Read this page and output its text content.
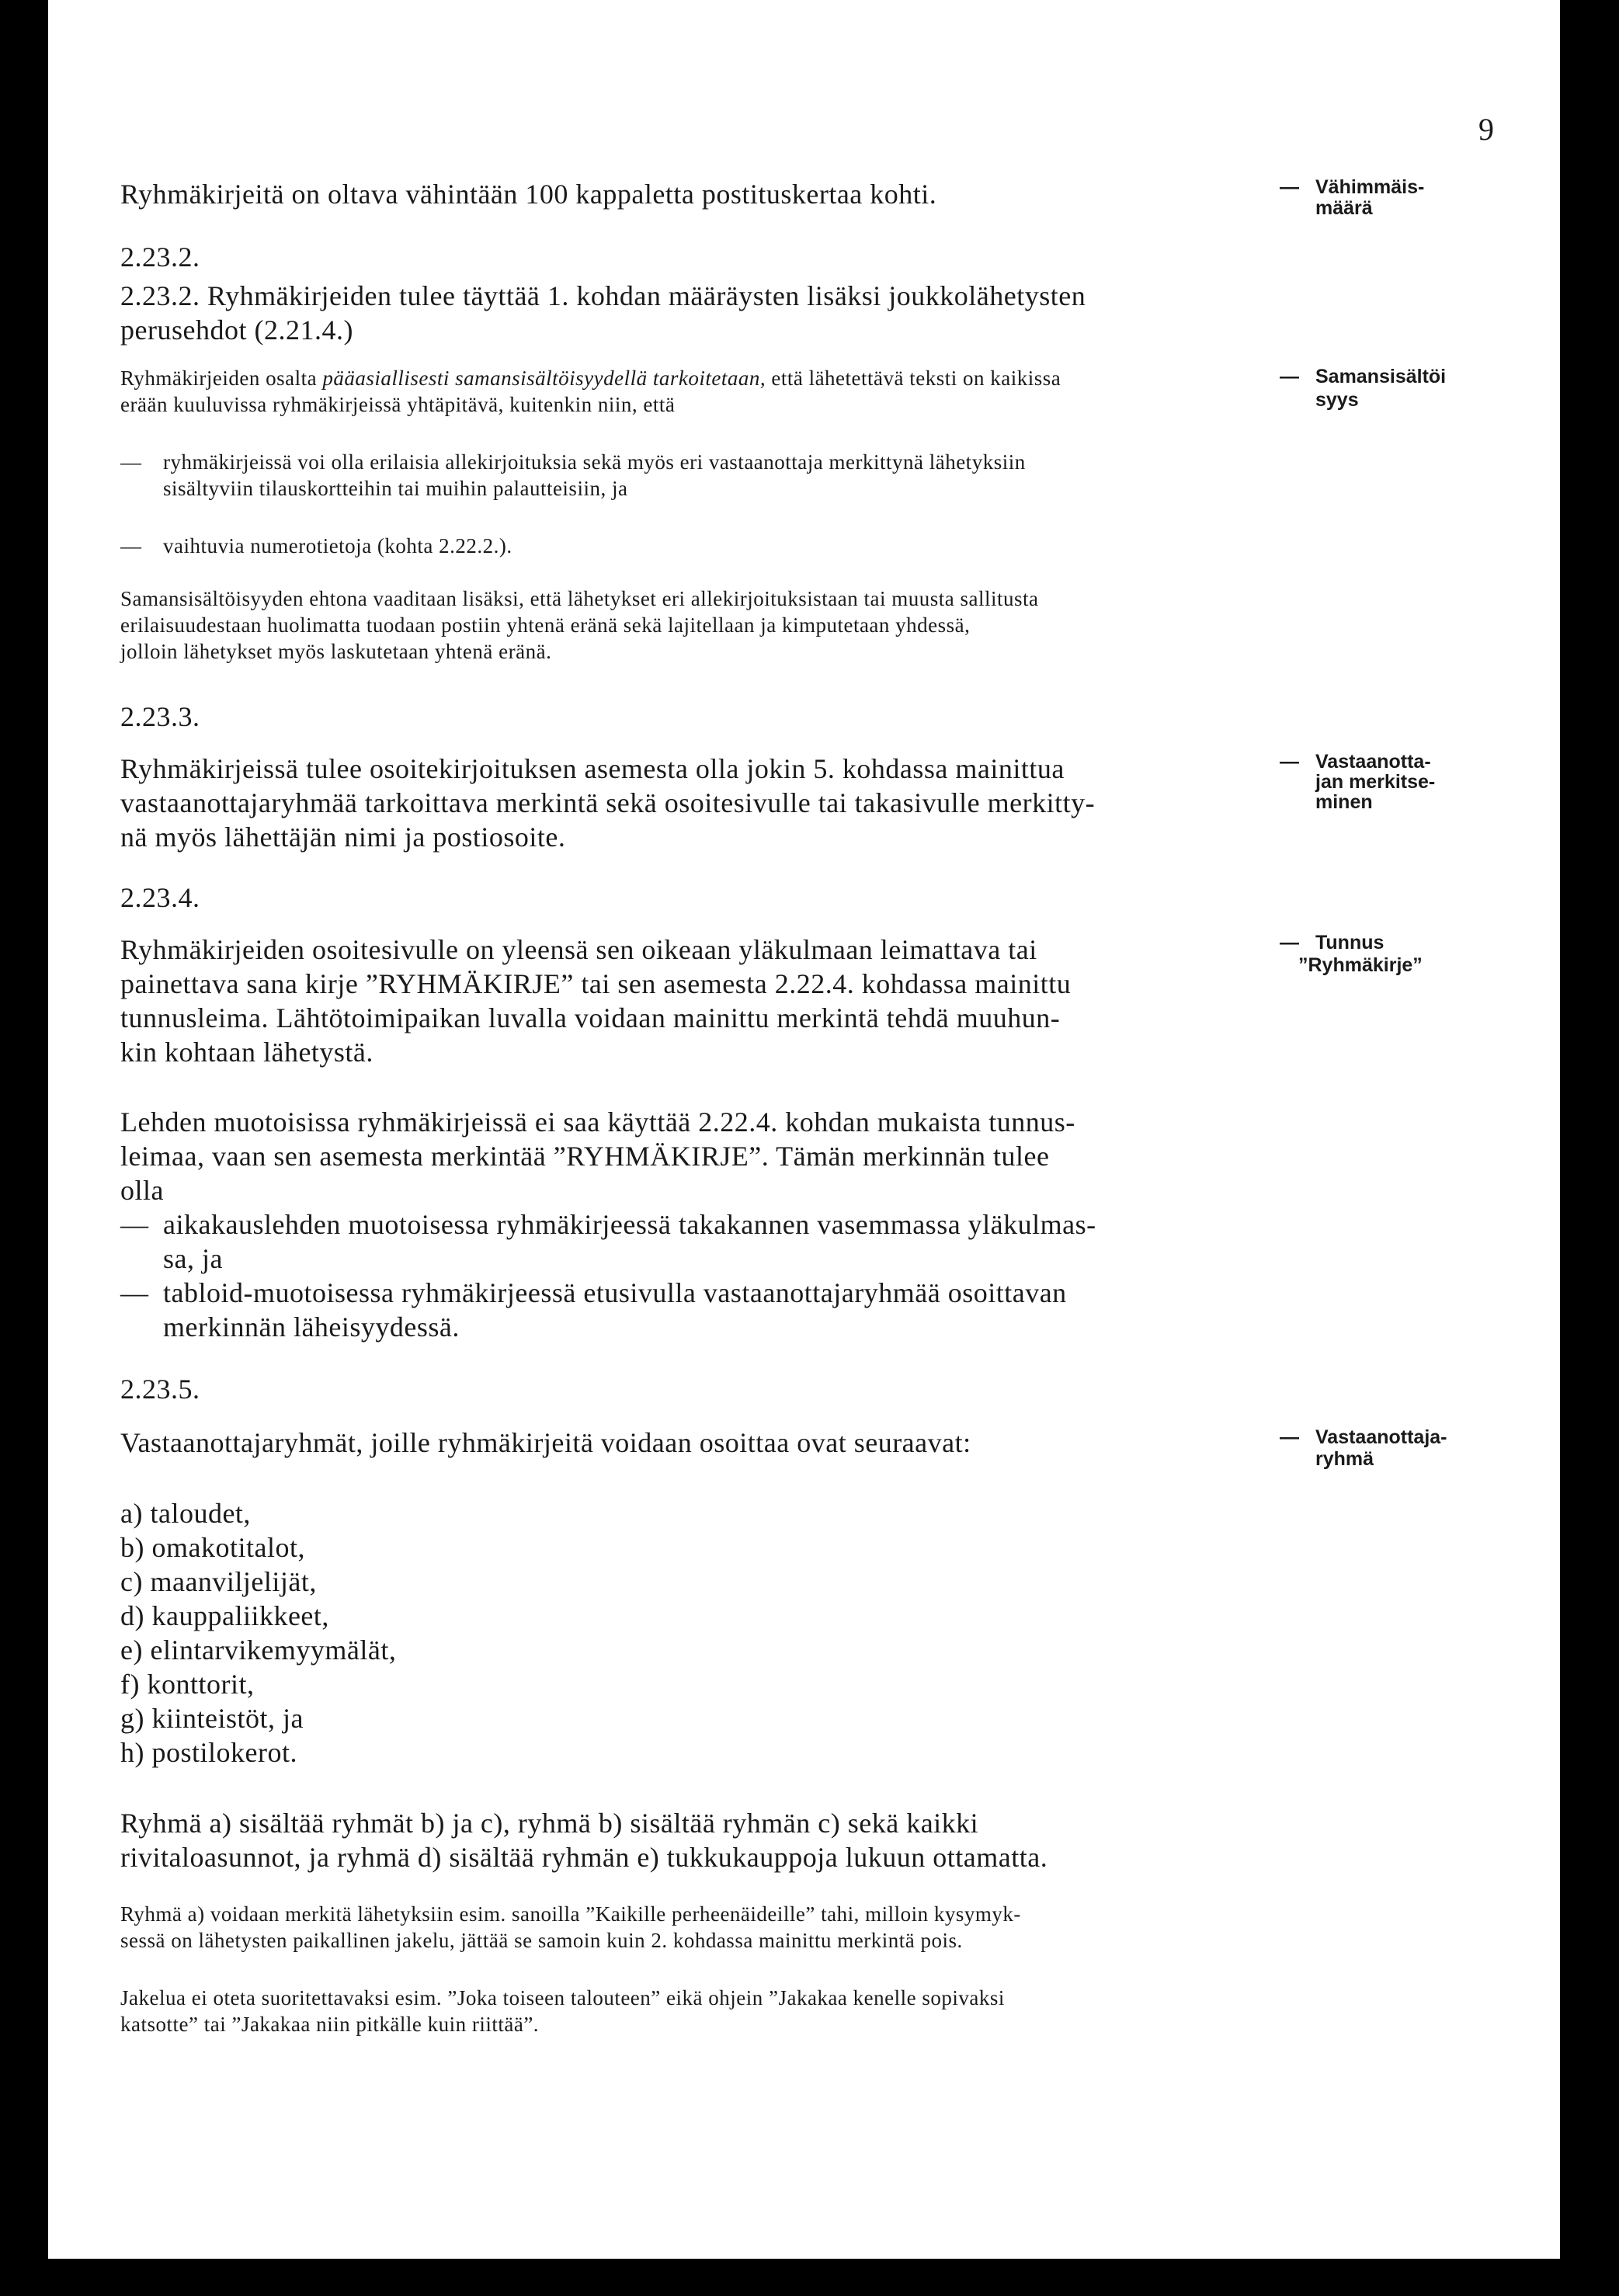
9
— Vähimmäis-
määrä
— Samansisältöi
syys
— Vastaanotta-
jan merkitse-
minen
— Tunnus
”Ryhmäkirje”
— Vastaanottaja-
ryhmä
Ryhmäkirjeitä on oltava vähintään 100 kappaletta postituskertaa kohti.
2.23.2.
2.23.2. Ryhmäkirjeiden tulee täyttää 1. kohdan määräysten lisäksi joukkolähetysten
perusehdot (2.21.4.)
Ryhmäkirjeiden osalta pääasiallisesti samansisältöisyydellä tarkoitetaan, että lähetettävä teksti on kaikissa
erään kuuluvissa ryhmäkirjeissä yhtäpitävä, kuitenkin niin, että
— ryhmäkirjeissä voi olla erilaisia allekirjoituksia sekä myös eri vastaanottaja merkittynä lähetyksiin
sisältyviin tilauskortteihin tai muihin palautteisiin, ja
— vaihtuvia numerotietoja (kohta 2.22.2.).
Samansisältöisyyden ehtona vaaditaan lisäksi, että lähetykset eri allekirjoituksistaan tai muusta sallitusta
erilaisuudestaan huolimatta tuodaan postiin yhtenä eränä sekä lajitellaan ja kimputetaan yhdessä,
jolloin lähetykset myös laskutetaan yhtenä eränä.
2.23.3.
Ryhmäkirjeissä tulee osoitekirjoituksen asemesta olla jokin 5. kohdassa mainittua
vastaanottajaryhmää tarkoittava merkintä sekä osoitesivulle tai takasivulle merkitty-
nä myös lähettäjän nimi ja postiosoite.
2.23.4.
Ryhmäkirjeiden osoitesivulle on yleensä sen oikeaan yläkulmaan leimattava tai
painettava sana kirje ”RYHMÄKIRJE” tai sen asemesta 2.22.4. kohdassa mainittu
tunnusleima. Lähtötoimipaikan luvalla voidaan mainittu merkintä tehdä muuhun-
kin kohtaan lähetystä.
Lehden muotoisissa ryhmäkirjeissä ei saa käyttää 2.22.4. kohdan mukaista tunnus-
leimaa, vaan sen asemesta merkintää ”RYHMÄKIRJE”. Tämän merkinnän tulee
olla
— aikakauslehden muotoisessa ryhmäkirjeessä takakannen vasemmassa yläkulmas-
sa, ja
— tabloid-muotoisessa ryhmäkirjeessä etusivulla vastaanottajaryhmää osoittavan
merkinnän läheisyydessä.
2.23.5.
Vastaanottajaryhmät, joille ryhmäkirjeitä voidaan osoittaa ovat seuraavat:
a) taloudet,
b) omakotitalot,
c) maanviljelijät,
d) kauppaliikkeet,
e) elintarvikemyymälät,
f) konttorit,
g) kiinteistöt, ja
h) postilokerot.
Ryhmä a) sisältää ryhmät b) ja c), ryhmä b) sisältää ryhmän c) sekä kaikki
rivitaloasunnot, ja ryhmä d) sisältää ryhmän e) tukkukauppoja lukuun ottamatta.
Ryhmä a) voidaan merkitä lähetyksiin esim. sanoilla ”Kaikille perheenäideille” tahi, milloin kysymyk-
sessä on lähetysten paikallinen jakelu, jättää se samoin kuin 2. kohdassa mainittu merkintä pois.
Jakelua ei oteta suoritettavaksi esim. ”Joka toiseen talouteen” eikä ohjein ”Jakakaa kenelle sopivaksi
katsotte” tai ”Jakakaa niin pitkälle kuin riittää”.
